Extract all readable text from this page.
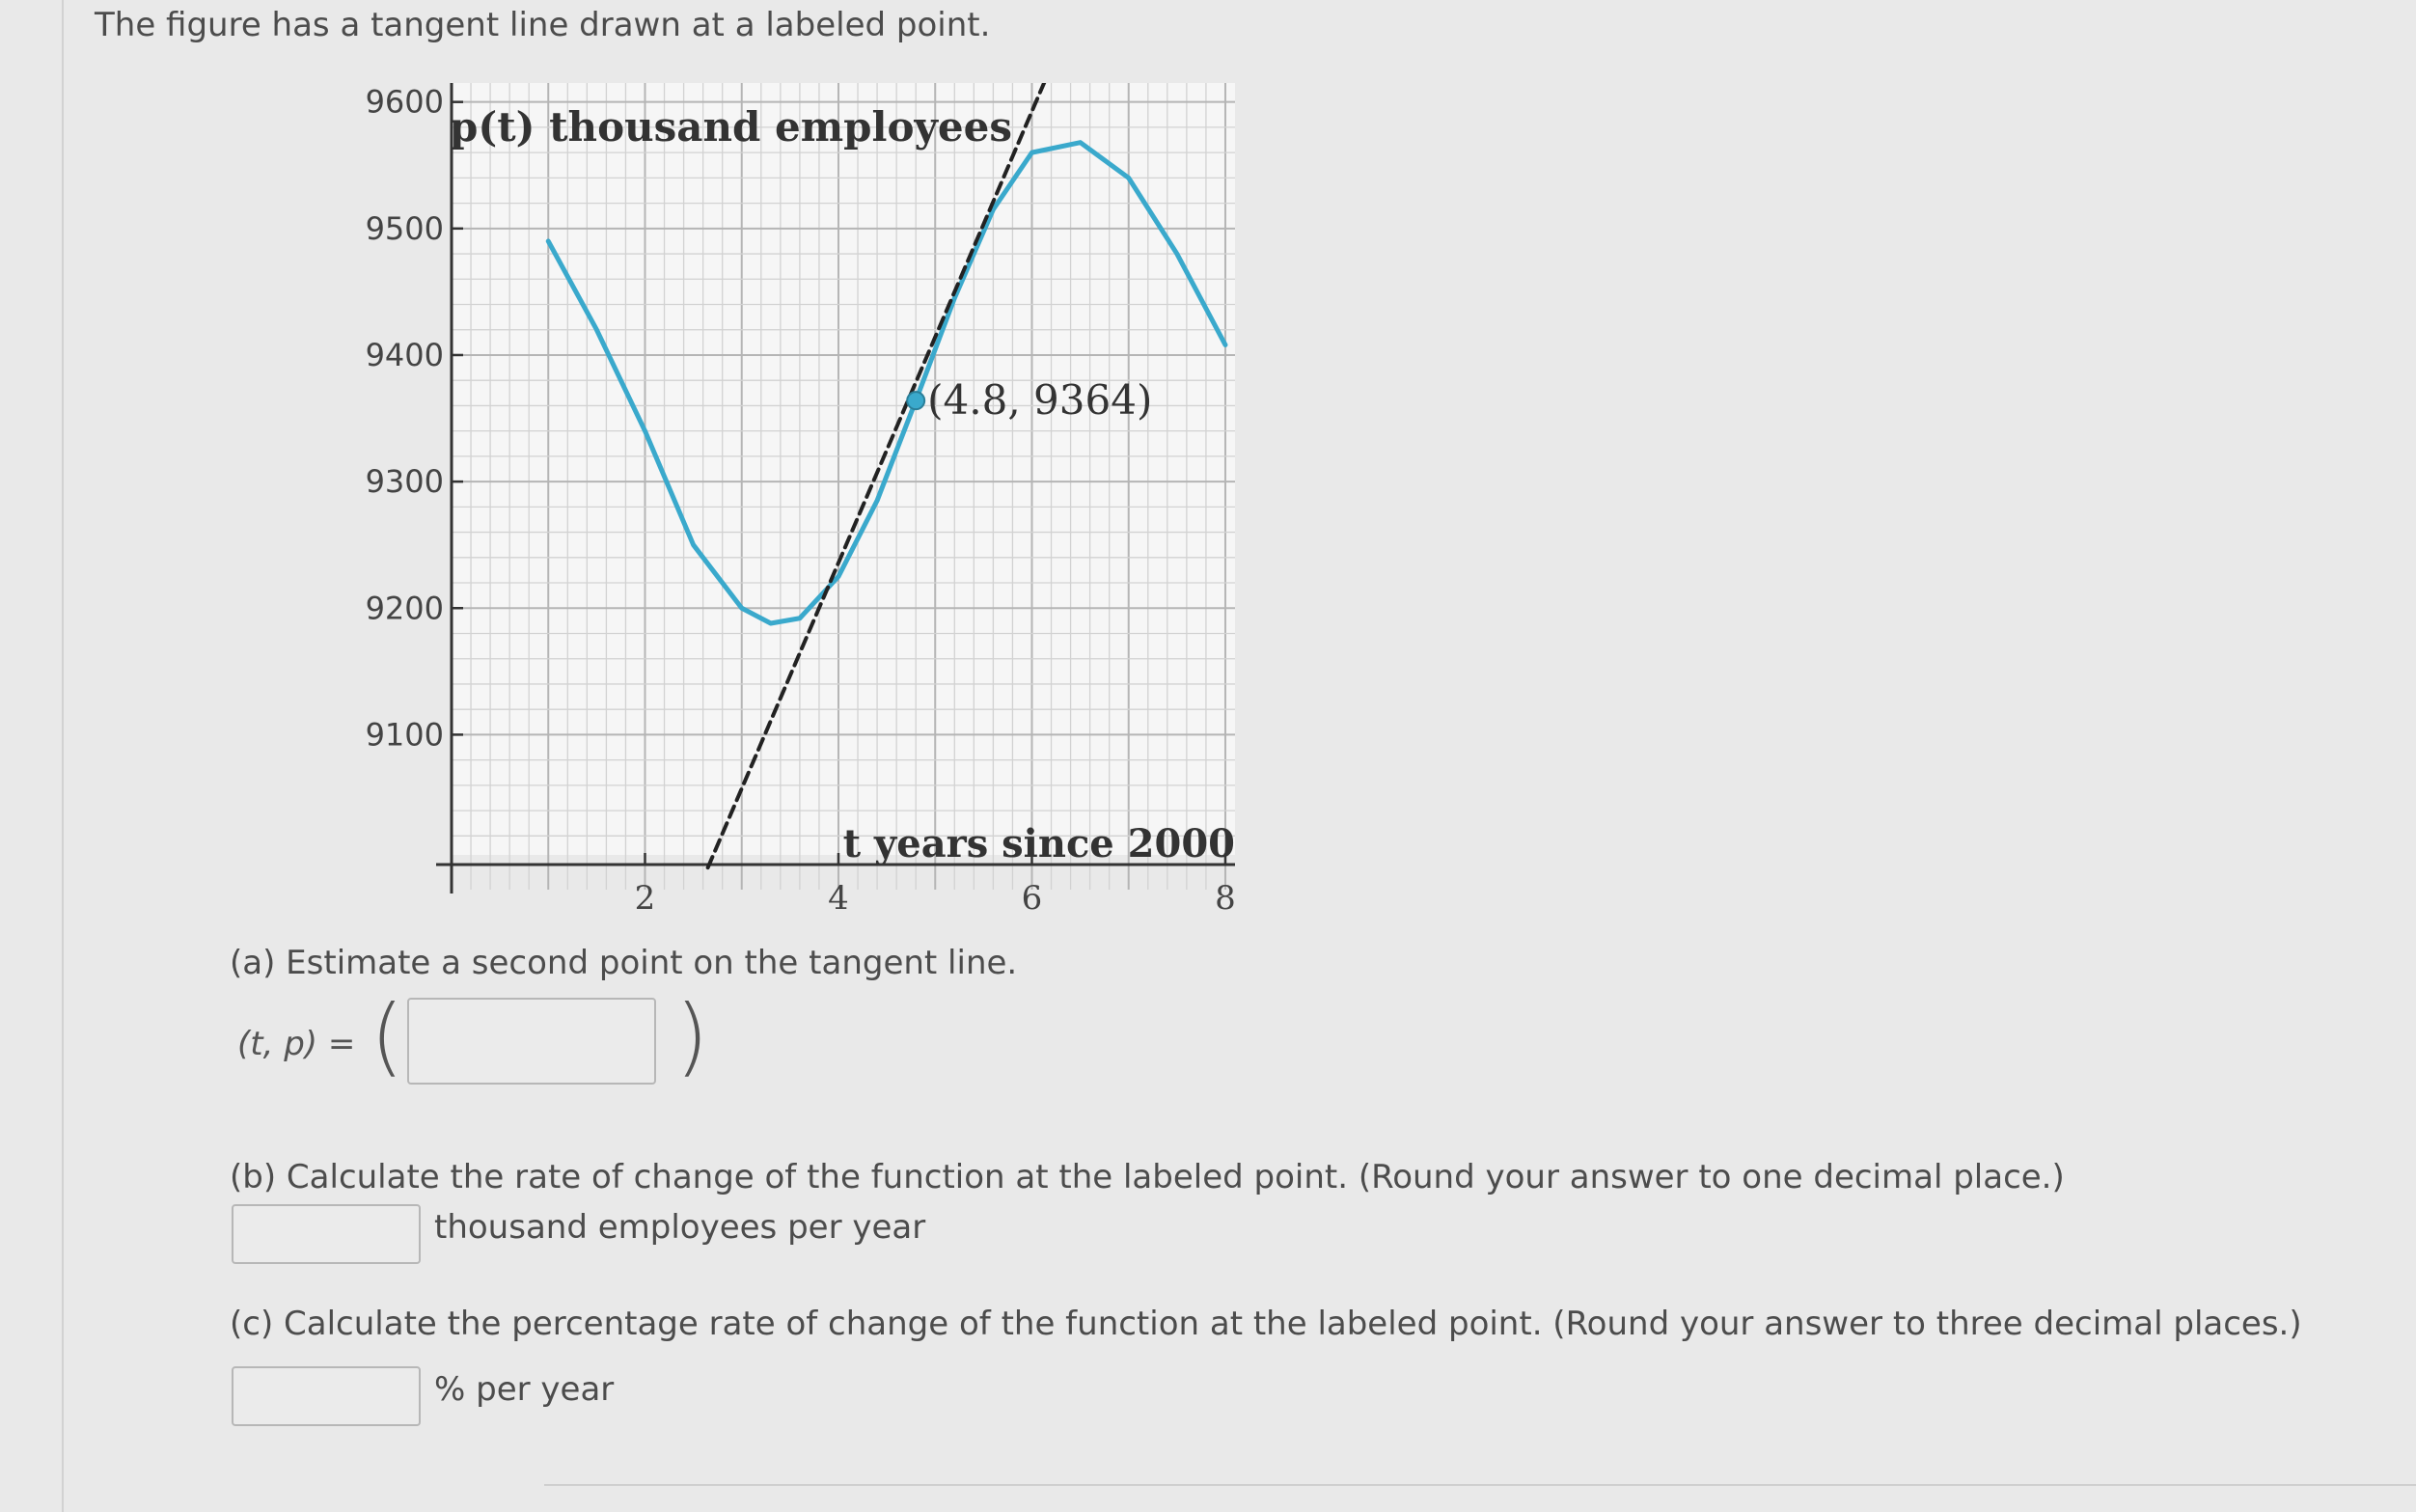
The figure has a tangent line drawn at a labeled point.
9100
9200
9300
9400
9500
9600
2	4	6	8
(4.8, 9364)
p(t) thousand employees
t years since 2000
(a) Estimate a second point on the tangent line.
(t, p) = (	)
(b) Calculate the rate of change of the function at the labeled point. (Round your answer to one decimal place.)
thousand employees per year
(c) Calculate the percentage rate of change of the function at the labeled point. (Round your answer to three decimal places.)
% per year
